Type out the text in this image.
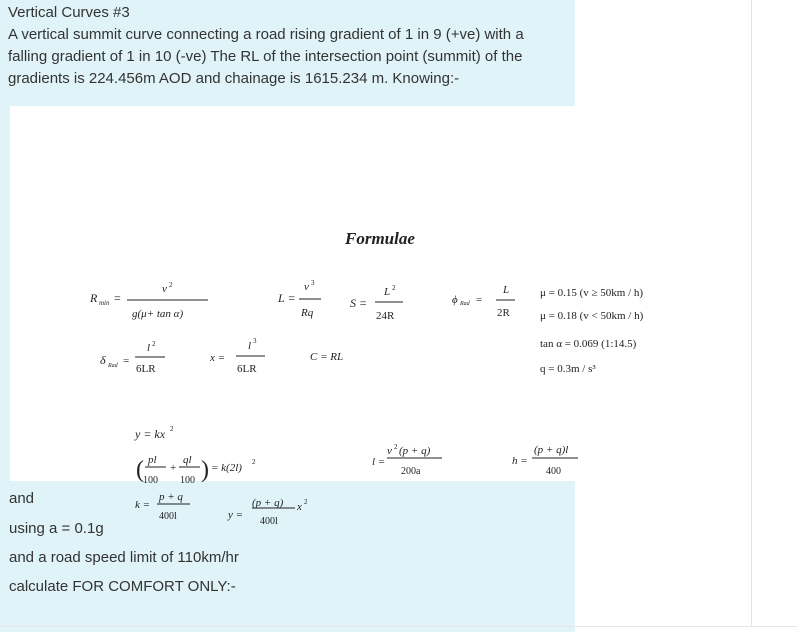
Vertical Curves #3
A vertical summit curve connecting a road rising gradient of 1 in 9 (+ve) with a falling gradient of 1 in 10 (-ve) The RL of the intersection point (summit) of the gradients is 224.456m AOD and chainage is 1615.234 m. Knowing:-
Formulae
R min =
v 2
g(μ+ tan α)
L =
v 3
Rq
S =
L 2
24R
ϕ Rad =
L
2R
δ Rad =
l 2
6LR
x =
l 3
6LR
C = RL
μ = 0.15 (v ≥ 50km / h)
μ = 0.18 (v < 50km / h)
tan α = 0.069 (1:14.5)
q = 0.3m / s³
y = kx 2
( pl
100
+
ql
100 ) = k(2l) 2
k =
p + q
400l	y =
(p + q)
400l
x 2
l =
v 2 (p + q)
200a
h =
(p + q)l
400

and

using a = 0.1g

and a road speed limit of 110km/hr

calculate FOR COMFORT ONLY:-
